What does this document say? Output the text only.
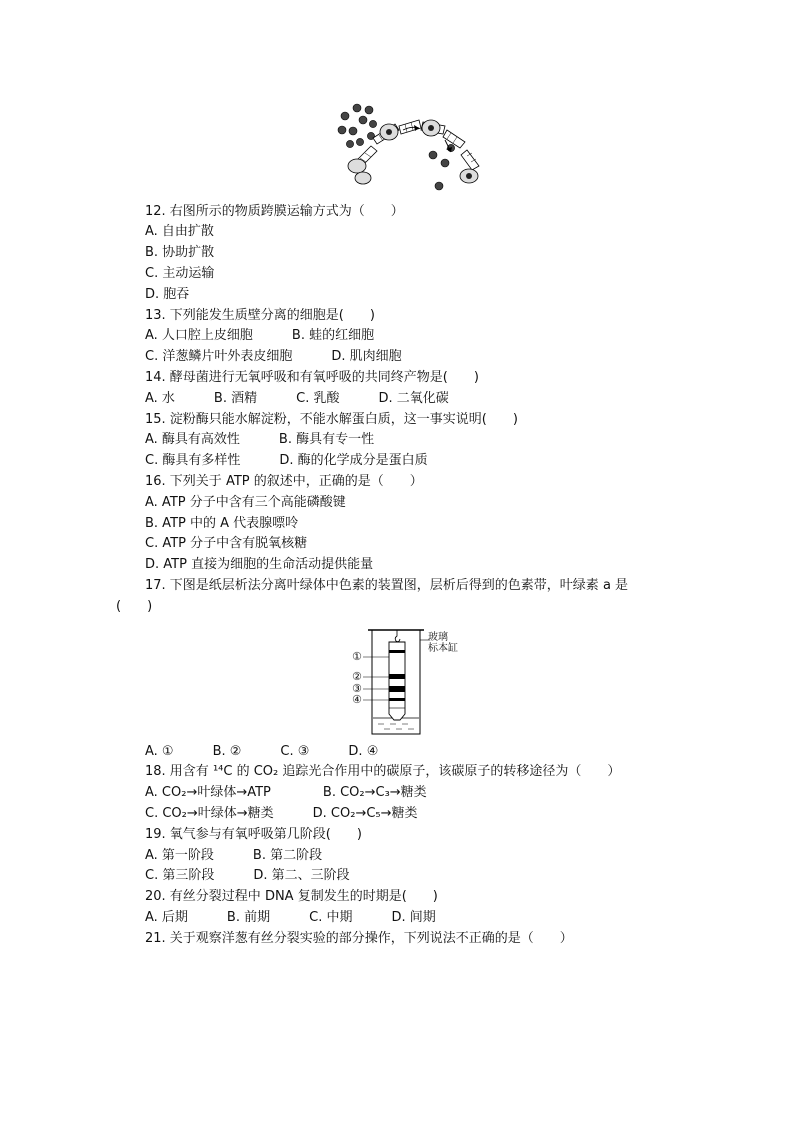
12. 右图所示的物质跨膜运输方式为（　　）
A. 自由扩散
B. 协助扩散
C. 主动运输
D. 胞吞
13. 下列能发生质壁分离的细胞是(　　)
A. 人口腔上皮细胞　　　B. 蛙的红细胞
C. 洋葱鳞片叶外表皮细胞　　　D. 肌肉细胞
14. 酵母菌进行无氧呼吸和有氧呼吸的共同终产物是(　　)
A. 水　　　B. 酒精　　　C. 乳酸　　　D. 二氧化碳
15. 淀粉酶只能水解淀粉，不能水解蛋白质，这一事实说明(　　)
A. 酶具有高效性　　　B. 酶具有专一性
C. 酶具有多样性　　　D. 酶的化学成分是蛋白质
16. 下列关于 ATP 的叙述中，正确的是（　　）
A. ATP 分子中含有三个高能磷酸键
B. ATP 中的 A 代表腺嘌呤
C. ATP 分子中含有脱氧核糖
D. ATP 直接为细胞的生命活动提供能量
17. 下图是纸层析法分离叶绿体中色素的装置图，层析后得到的色素带，叶绿素 a 是
(　　)
玻璃
标本缸
①
②
③
④
A. ①　　　B. ②　　　C. ③　　　D. ④
18. 用含有 ¹⁴C 的 CO₂ 追踪光合作用中的碳原子，该碳原子的转移途径为（　　）
A. CO₂→叶绿体→ATP　　　　B. CO₂→C₃→糖类
C. CO₂→叶绿体→糖类　　　D. CO₂→C₅→糖类
19. 氧气参与有氧呼吸第几阶段(　　)
A. 第一阶段　　　B. 第二阶段
C. 第三阶段　　　D. 第二、三阶段
20. 有丝分裂过程中 DNA 复制发生的时期是(　　)
A. 后期　　　B. 前期　　　C. 中期　　　D. 间期
21. 关于观察洋葱有丝分裂实验的部分操作，下列说法不正确的是（　　）
